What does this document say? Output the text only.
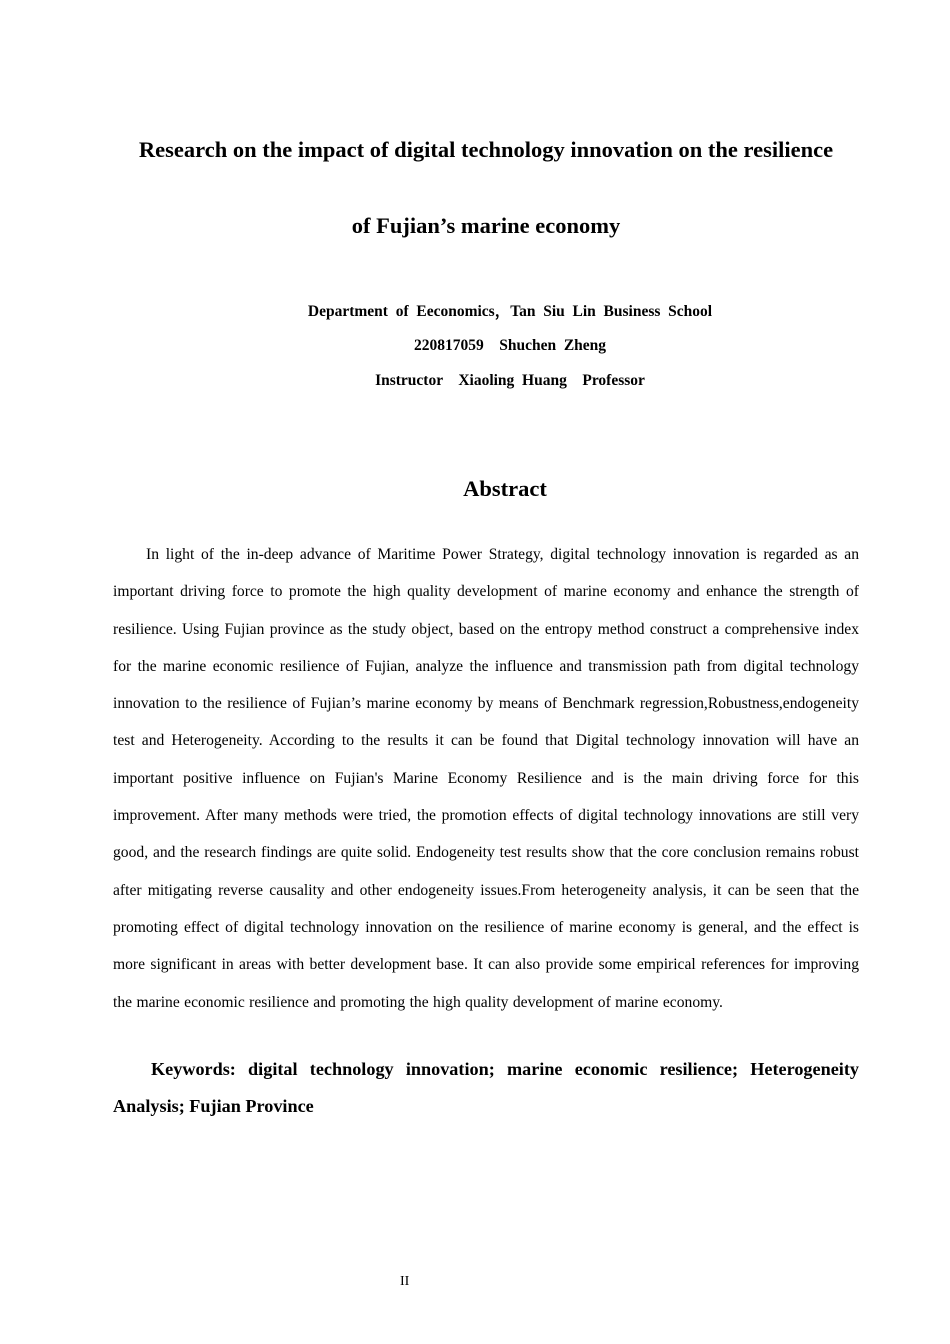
Research on the impact of digital technology innovation on the resilience
of Fujian’s marine economy
Department  of  Eeconomics，Tan  Siu  Lin  Business  School
220817059    Shuchen  Zheng
Instructor    Xiaoling  Huang    Professor
Abstract

In light of the in-deep advance of Maritime Power Strategy, digital technology innovation is regarded as an important driving force to promote the high quality development of marine economy and enhance the strength of resilience. Using Fujian province as the study object, based on the entropy method construct a comprehensive index for the marine economic resilience of Fujian, analyze the influence and transmission path from digital technology innovation to the resilience of Fujian’s marine economy by means of Benchmark regression,Robustness,endogeneity test and Heterogeneity. According to the results it can be found that Digital technology innovation will have an important positive influence on Fujian's Marine Economy Resilience and is the main driving force for this improvement. After many methods were tried, the promotion effects of digital technology innovations are still very good, and the research findings are quite solid. Endogeneity test results show that the core conclusion remains robust after mitigating reverse causality and other endogeneity issues.From heterogeneity analysis, it can be seen that the promoting effect of digital technology innovation on the resilience of marine economy is general, and the effect is more significant in areas with better development base. It can also provide some empirical references for improving the marine economic resilience and promoting the high quality development of marine economy.

Keywords: digital technology innovation; marine economic resilience; Heterogeneity Analysis; Fujian Province

II
